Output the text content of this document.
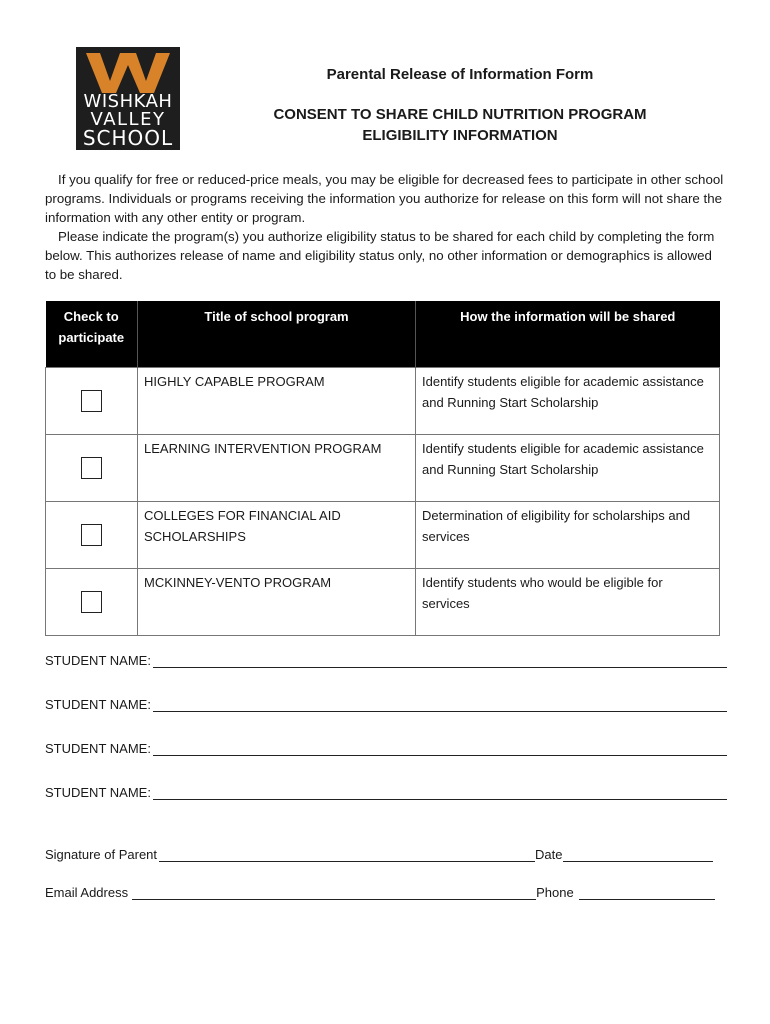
WISHKAH
VALLEY
SCHOOL
Parental Release of Information Form
CONSENT TO SHARE CHILD NUTRITION PROGRAM ELIGIBILITY INFORMATION

If you qualify for free or reduced-price meals, you may be eligible for decreased fees to participate in other school programs. Individuals or programs receiving the information you authorize for release on this form will not share the information with any other entity or program.

Please indicate the program(s) you authorize eligibility status to be shared for each child by completing the form below. This authorizes release of name and eligibility status only, no other information or demographics is allowed to be shared.

Check to participate	Title of school program	How the information will be shared
	HIGHLY CAPABLE PROGRAM	Identify students eligible for academic assistance and Running Start Scholarship
	LEARNING INTERVENTION PROGRAM	Identify students eligible for academic assistance and Running Start Scholarship
	COLLEGES FOR FINANCIAL AID SCHOLARSHIPS	Determination of eligibility for scholarships and services
	MCKINNEY-VENTO PROGRAM	Identify students who would be eligible for services
STUDENT NAME:
STUDENT NAME:
STUDENT NAME:
STUDENT NAME:
Signature of Parent	Date
Email Address	Phone
